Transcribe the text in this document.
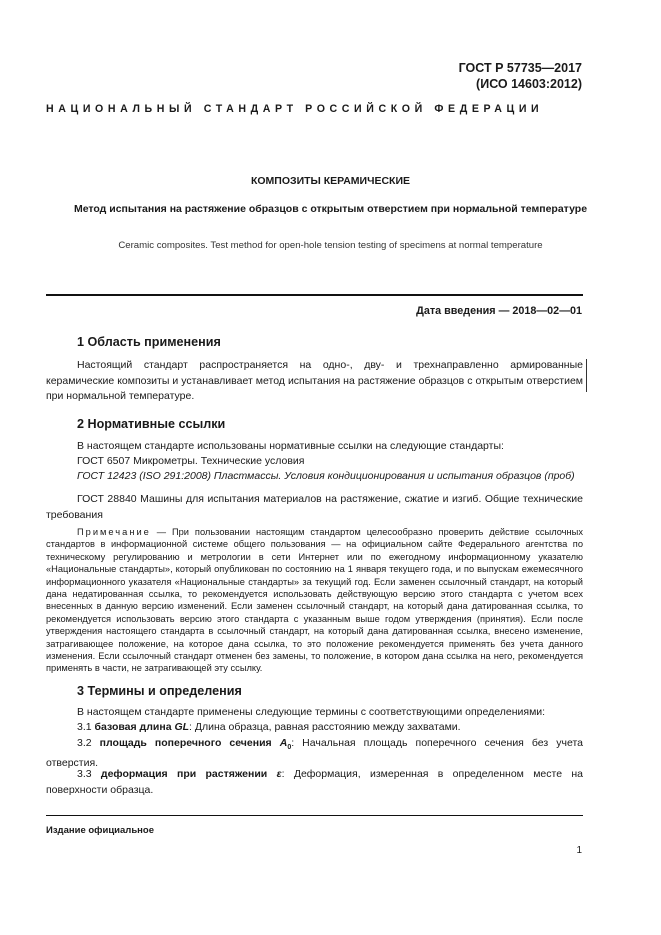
ГОСТ Р 57735—2017
(ИСО 14603:2012)
НАЦИОНАЛЬНЫЙ СТАНДАРТ РОССИЙСКОЙ ФЕДЕРАЦИИ
КОМПОЗИТЫ КЕРАМИЧЕСКИЕ
Метод испытания на растяжение образцов с открытым отверстием при нормальной температуре
Ceramic composites. Test method for open-hole tension testing of specimens at normal temperature
Дата введения — 2018—02—01
1 Область применения
Настоящий стандарт распространяется на одно-, дву- и трехнаправленно армированные керамические композиты и устанавливает метод испытания на растяжение образцов с открытым отверстием при нормальной температуре.
2 Нормативные ссылки
В настоящем стандарте использованы нормативные ссылки на следующие стандарты:
ГОСТ 6507 Микрометры. Технические условия
ГОСТ 12423 (ISO 291:2008) Пластмассы. Условия кондиционирования и испытания образцов (проб)
ГОСТ 28840 Машины для испытания материалов на растяжение, сжатие и изгиб. Общие технические требования
Примечание — При пользовании настоящим стандартом целесообразно проверить действие ссылочных стандартов в информационной системе общего пользования — на официальном сайте Федерального агентства по техническому регулированию и метрологии в сети Интернет или по ежегодному информационному указателю «Национальные стандарты», который опубликован по состоянию на 1 января текущего года, и по выпускам ежемесячного информационного указателя «Национальные стандарты» за текущий год. Если заменен ссылочный стандарт, на который дана недатированная ссылка, то рекомендуется использовать действующую версию этого стандарта с учетом всех внесенных в данную версию изменений. Если заменен ссылочный стандарт, на который дана датированная ссылка, то рекомендуется использовать версию этого стандарта с указанным выше годом утверждения (принятия). Если после утверждения настоящего стандарта в ссылочный стандарт, на который дана датированная ссылка, внесено изменение, затрагивающее положение, на которое дана ссылка, то это положение рекомендуется применять без учета данного изменения. Если ссылочный стандарт отменен без замены, то положение, в котором дана ссылка на него, рекомендуется применять в части, не затрагивающей эту ссылку.
3 Термины и определения
В настоящем стандарте применены следующие термины с соответствующими определениями:
3.1 базовая длина GL: Длина образца, равная расстоянию между захватами.
3.2 площадь поперечного сечения $A_0$: Начальная площадь поперечного сечения без учета отверстия.
3.3 деформация при растяжении ε: Деформация, измеренная в определенном месте на поверхности образца.
Издание официальное
1
